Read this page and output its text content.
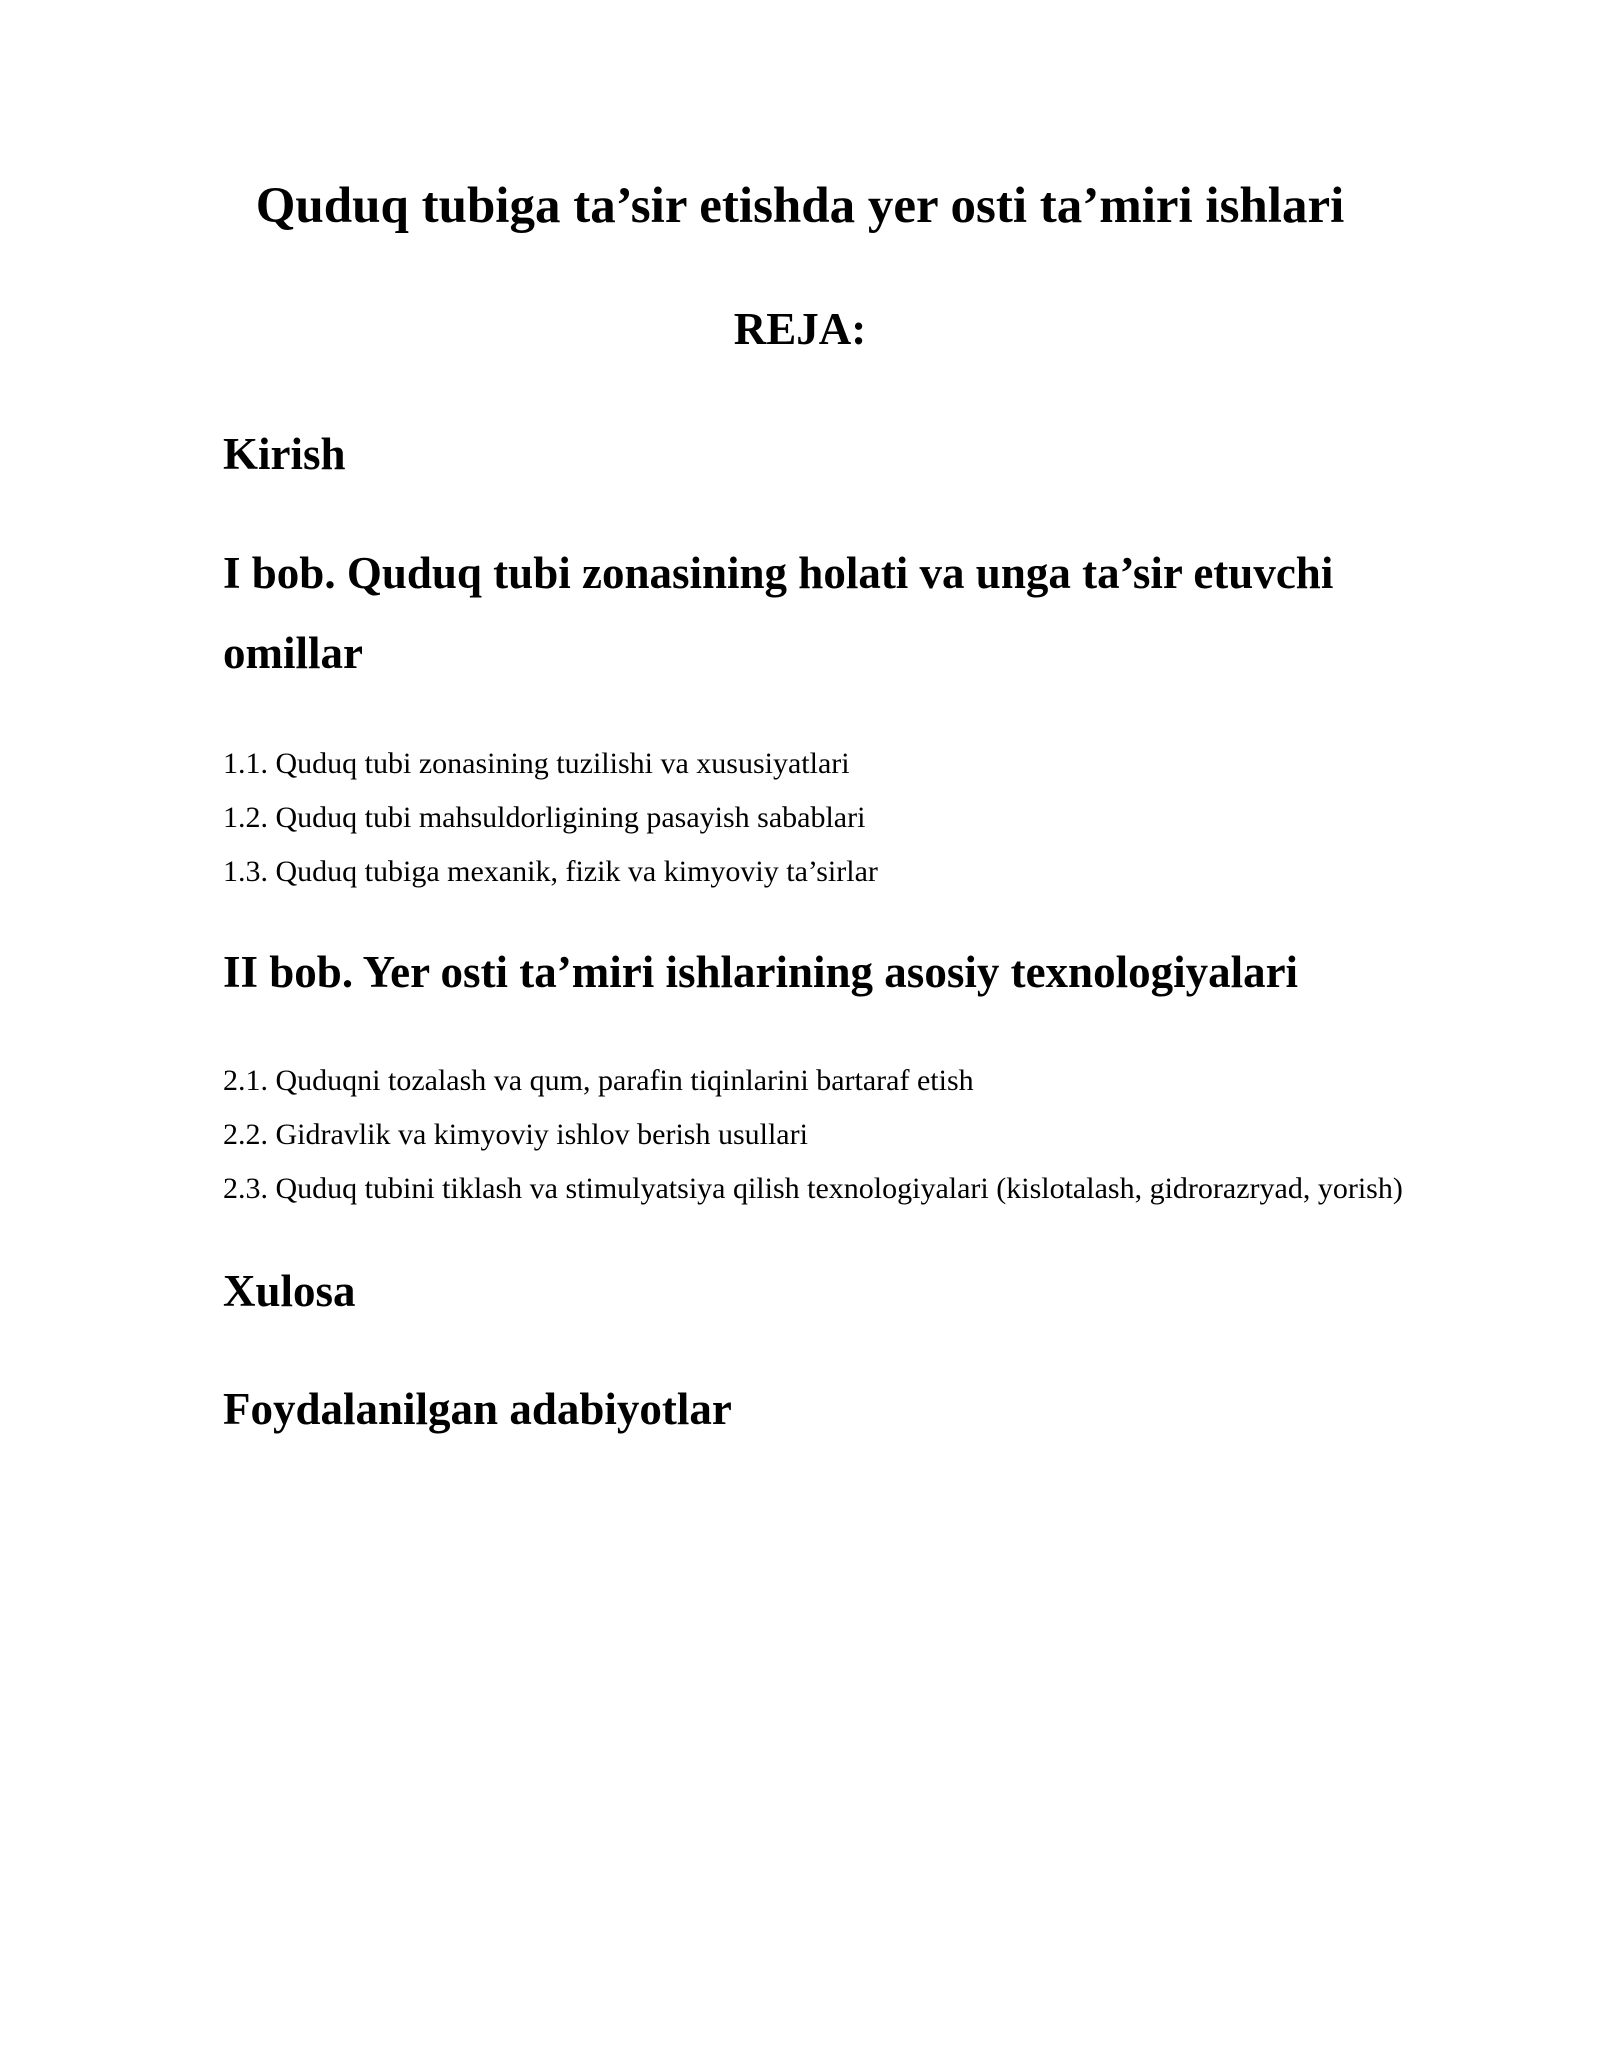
Quduq tubiga ta’sir etishda yer osti ta’miri ishlari
REJA:
Kirish
I bob. Quduq tubi zonasining holati va unga ta’sir etuvchi omillar
1.1. Quduq tubi zonasining tuzilishi va xususiyatlari
1.2. Quduq tubi mahsuldorligining pasayish sabablari
1.3. Quduq tubiga mexanik, fizik va kimyoviy ta’sirlar
II bob. Yer osti ta’miri ishlarining asosiy texnologiyalari
2.1. Quduqni tozalash va qum, parafin tiqinlarini bartaraf etish
2.2. Gidravlik va kimyoviy ishlov berish usullari
2.3. Quduq tubini tiklash va stimulyatsiya qilish texnologiyalari (kislotalash, gidrorazryad, yorish)
Xulosa
Foydalanilgan adabiyotlar
